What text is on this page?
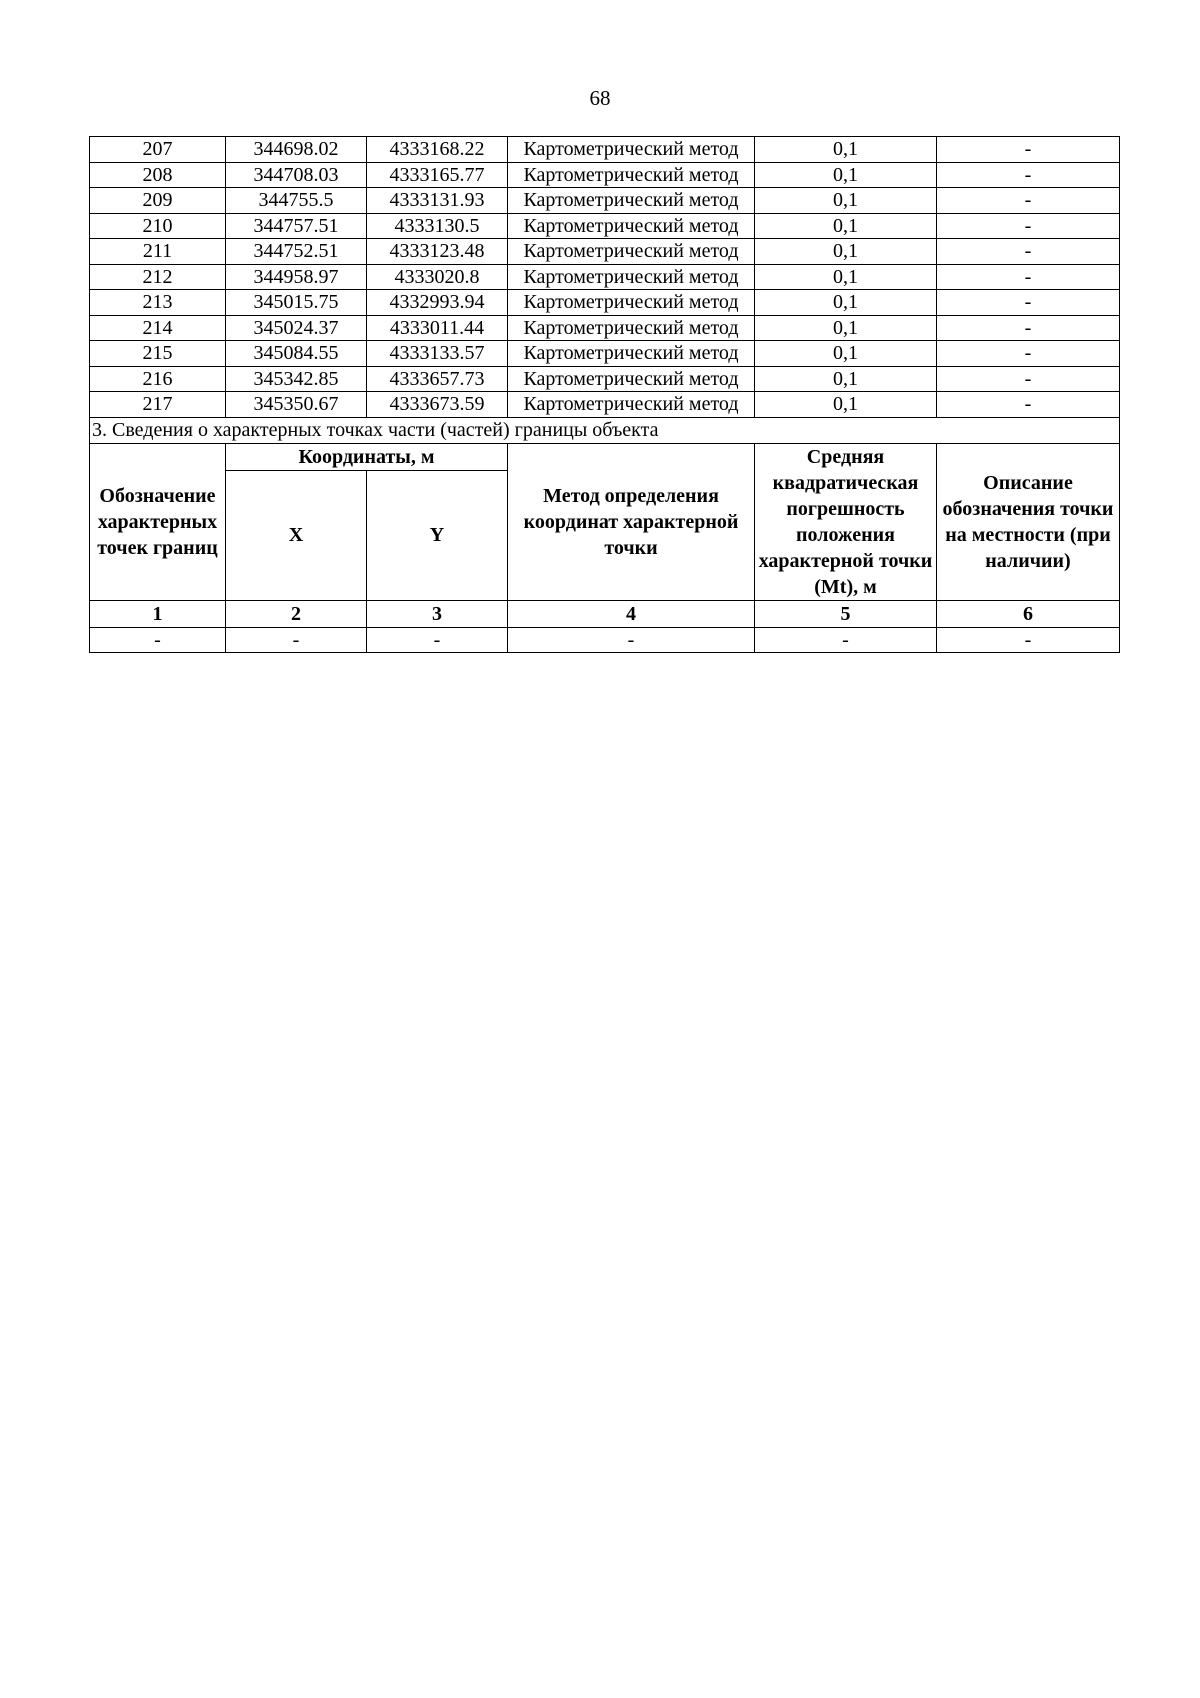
68
207	344698.02	4333168.22	Картометрический метод	0,1	-
208	344708.03	4333165.77	Картометрический метод	0,1	-
209	344755.5	4333131.93	Картометрический метод	0,1	-
210	344757.51	4333130.5	Картометрический метод	0,1	-
211	344752.51	4333123.48	Картометрический метод	0,1	-
212	344958.97	4333020.8	Картометрический метод	0,1	-
213	345015.75	4332993.94	Картометрический метод	0,1	-
214	345024.37	4333011.44	Картометрический метод	0,1	-
215	345084.55	4333133.57	Картометрический метод	0,1	-
216	345342.85	4333657.73	Картометрический метод	0,1	-
217	345350.67	4333673.59	Картометрический метод	0,1	-
3. Сведения о характерных точках части (частей) границы объекта					
Обозначение характерных точек границ	Координаты, м		Метод определения координат характерной точки	Средняя квадратическая погрешность положения характерной точки (Mt), м	Описание обозначения точки на местности (при наличии)
	X	Y			
1	2	3	4	5	6
-	-	-	-	-	-
